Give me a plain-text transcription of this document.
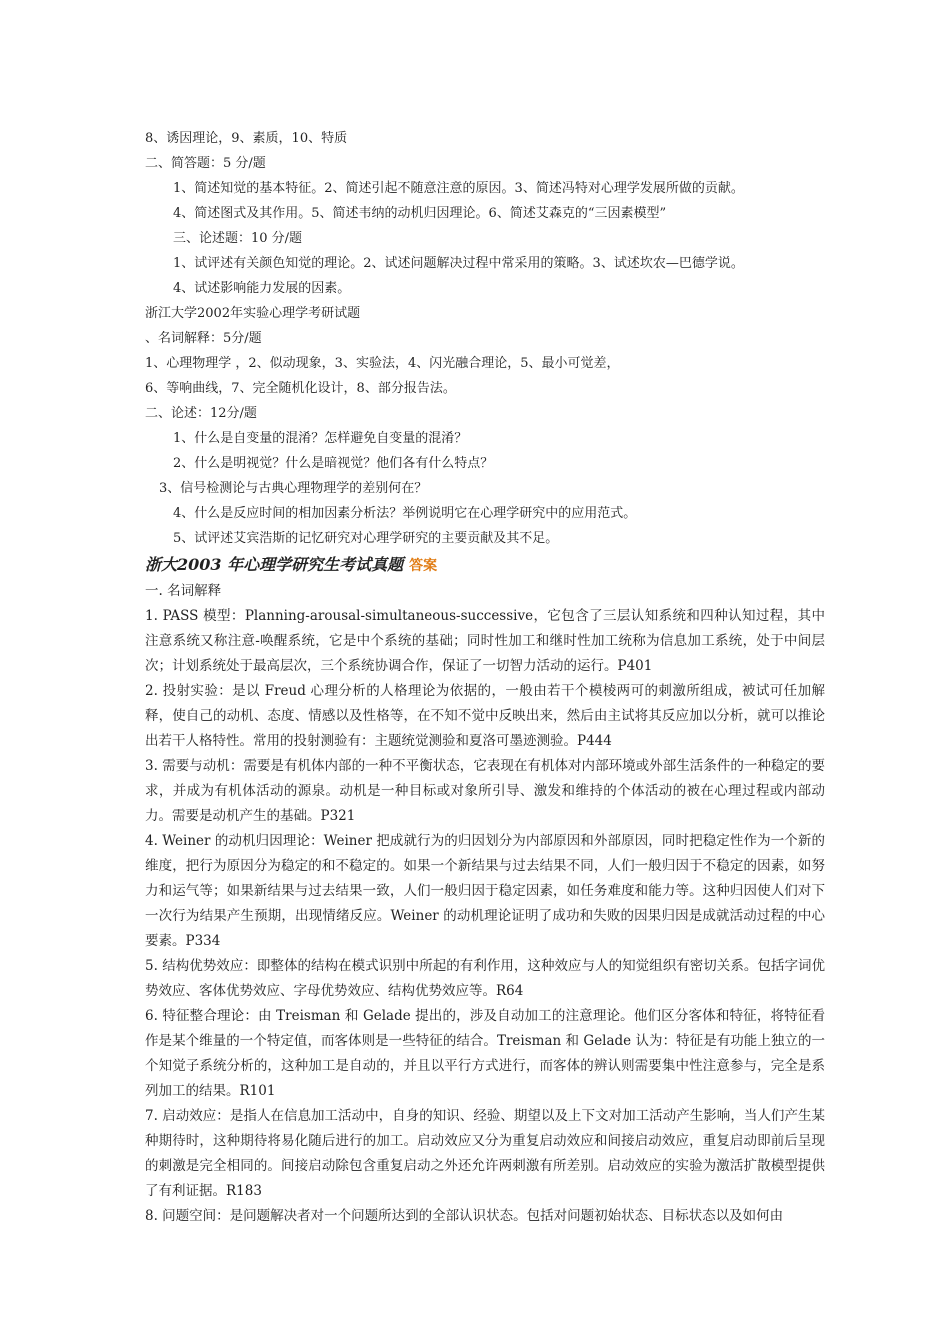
8、诱因理论，9、素质，10、特质
二、简答题：5 分/题
1、简述知觉的基本特征。2、简述引起不随意注意的原因。3、简述冯特对心理学发展所做的贡献。
4、简述图式及其作用。5、简述韦纳的动机归因理论。6、简述艾森克的“三因素模型”
三、论述题：10 分/题
1、试评述有关颜色知觉的理论。2、试述问题解决过程中常采用的策略。3、试述坎农—巴德学说。
4、试述影响能力发展的因素。
浙江大学2002年实验心理学考研试题
、名词解释：5分/题
1、心理物理学 ，2、似动现象，3、实验法，4、闪光融合理论，5、最小可觉差，
6、等响曲线，7、完全随机化设计，8、部分报告法。
二、论述：12分/题
1、什么是自变量的混淆？怎样避免自变量的混淆？
2、什么是明视觉？什么是暗视觉？他们各有什么特点？
3、信号检测论与古典心理物理学的差别何在？
4、什么是反应时间的相加因素分析法？举例说明它在心理学研究中的应用范式。
5、试评述艾宾浩斯的记忆研究对心理学研究的主要贡献及其不足。
浙大2003 年心理学研究生考试真题 答案
一. 名词解释
1. PASS 模型：Planning-arousal-simultaneous-successive，它包含了三层认知系统和四种认知过程，其中注意系统又称注意-唤醒系统，它是中个系统的基础；同时性加工和继时性加工统称为信息加工系统，处于中间层次；计划系统处于最高层次，三个系统协调合作，保证了一切智力活动的运行。P401
2. 投射实验：是以 Freud 心理分析的人格理论为依据的，一般由若干个模棱两可的刺激所组成，被试可任加解释，使自己的动机、态度、情感以及性格等，在不知不觉中反映出来，然后由主试将其反应加以分析，就可以推论出若干人格特性。常用的投射测验有：主题统觉测验和夏洛可墨迹测验。P444
3. 需要与动机：需要是有机体内部的一种不平衡状态，它表现在有机体对内部环境或外部生活条件的一种稳定的要求，并成为有机体活动的源泉。动机是一种目标或对象所引导、激发和维持的个体活动的被在心理过程或内部动力。需要是动机产生的基础。P321
4. Weiner 的动机归因理论：Weiner 把成就行为的归因划分为内部原因和外部原因，同时把稳定性作为一个新的维度，把行为原因分为稳定的和不稳定的。如果一个新结果与过去结果不同，人们一般归因于不稳定的因素，如努力和运气等；如果新结果与过去结果一致，人们一般归因于稳定因素，如任务难度和能力等。这种归因使人们对下一次行为结果产生预期，出现情绪反应。Weiner 的动机理论证明了成功和失败的因果归因是成就活动过程的中心要素。P334
5. 结构优势效应：即整体的结构在模式识别中所起的有利作用，这种效应与人的知觉组织有密切关系。包括字词优势效应、客体优势效应、字母优势效应、结构优势效应等。R64
6. 特征整合理论：由 Treisman 和 Gelade 提出的，涉及自动加工的注意理论。他们区分客体和特征，将特征看作是某个维量的一个特定值，而客体则是一些特征的结合。Treisman 和 Gelade 认为：特征是有功能上独立的一个知觉子系统分析的，这种加工是自动的，并且以平行方式进行，而客体的辨认则需要集中性注意参与，完全是系列加工的结果。R101
7. 启动效应：是指人在信息加工活动中，自身的知识、经验、期望以及上下文对加工活动产生影响，当人们产生某种期待时，这种期待将易化随后进行的加工。启动效应又分为重复启动效应和间接启动效应，重复启动即前后呈现的刺激是完全相同的。间接启动除包含重复启动之外还允许两刺激有所差别。启动效应的实验为激活扩散模型提供了有利证据。R183
8. 问题空间：是问题解决者对一个问题所达到的全部认识状态。包括对问题初始状态、目标状态以及如何由
